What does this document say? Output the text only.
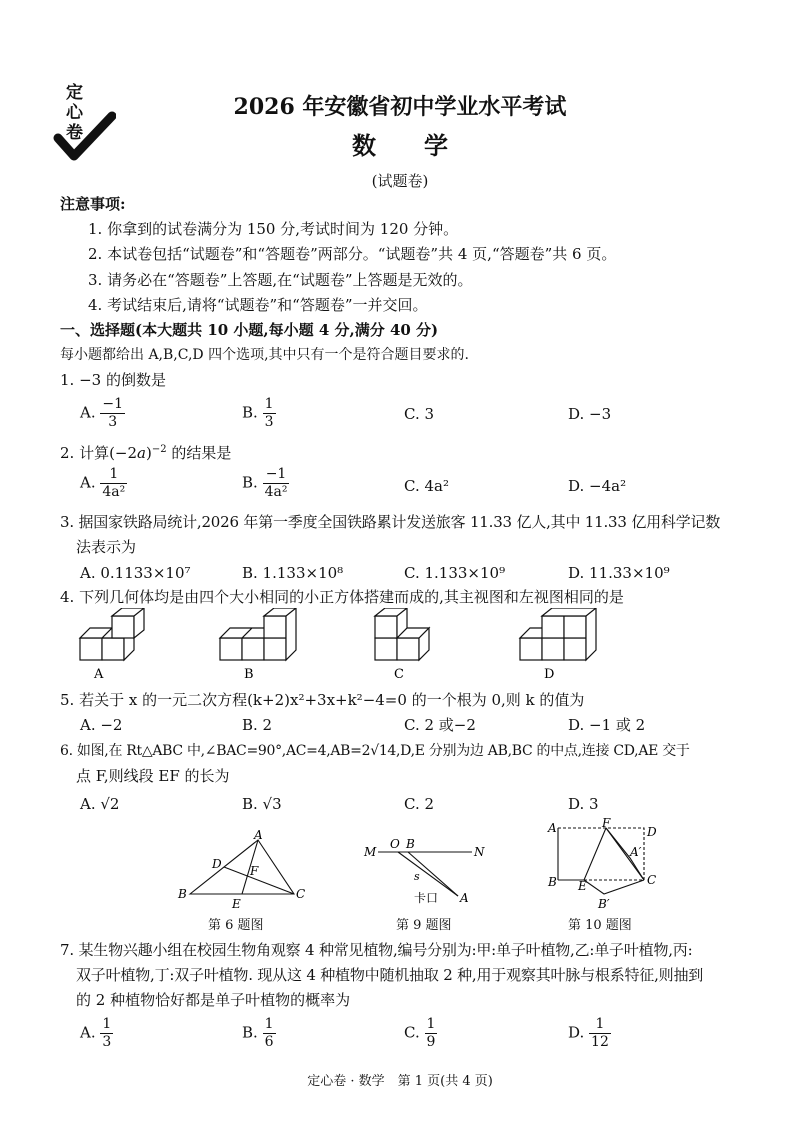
定
心
卷
2026 年安徽省初中学业水平考试
数　　学
(试题卷)
注意事项:
1. 你拿到的试卷满分为 150 分,考试时间为 120 分钟。
2. 本试卷包括“试题卷”和“答题卷”两部分。“试题卷”共 4 页,“答题卷”共 6 页。
3. 请务必在“答题卷”上答题,在“试题卷”上答题是无效的。
4. 考试结束后,请将“试题卷”和“答题卷”一并交回。
一、选择题(本大题共 10 小题,每小题 4 分,满分 40 分)
每小题都给出 A,B,C,D 四个选项,其中只有一个是符合题目要求的.
1. −3 的倒数是
A. $\frac{-1}{3}$	B. $\frac{1}{3}$	C. 3	D. −3
2. 计算$(-2a)^{-2}$ 的结果是
A. $\frac{1}{\text{4a²}}$	B. $\frac{-1}{\text{4a²}}$	C. 4a²	D. −4a²
3. 据国家铁路局统计,2026 年第一季度全国铁路累计发送旅客 11.33 亿人,其中 11.33 亿用科学记数
法表示为
A. 0.1133×10⁷	B. 1.133×10⁸	C. 1.133×10⁹	D. 11.33×10⁹
4. 下列几何体均是由四个大小相同的小正方体搭建而成的,其主视图和左视图相同的是
A	B	C	D
5. 若关于 x 的一元二次方程(k+2)x²+3x+k²−4=0 的一个根为 0,则 k 的值为
A. −2	B. 2	C. 2 或−2	D. −1 或 2
6. 如图,在 Rt△ABC 中,∠BAC=90°,AC=4,AB=2√14,D,E 分别为边 AB,BC 的中点,连接 CD,AE 交于
点 F,则线段 EF 的长为
A. √2	B. √3	C. 2	D. 3
A
B	C
D
E
F
第 6 题图
M
O B
N
s
A
卡口
第 9 题图
A	F
D
A′
B E	C
B′
第 10 题图
7. 某生物兴趣小组在校园生物角观察 4 种常见植物,编号分别为:甲:单子叶植物,乙:单子叶植物,丙:
双子叶植物,丁:双子叶植物. 现从这 4 种植物中随机抽取 2 种,用于观察其叶脉与根系特征,则抽到
的 2 种植物恰好都是单子叶植物的概率为
A. $\frac{1}{3}$	B. $\frac{1}{6}$	C. $\frac{1}{9}$	D. $\frac{1}{12}$
定心卷 · 数学　第 1 页(共 4 页)
